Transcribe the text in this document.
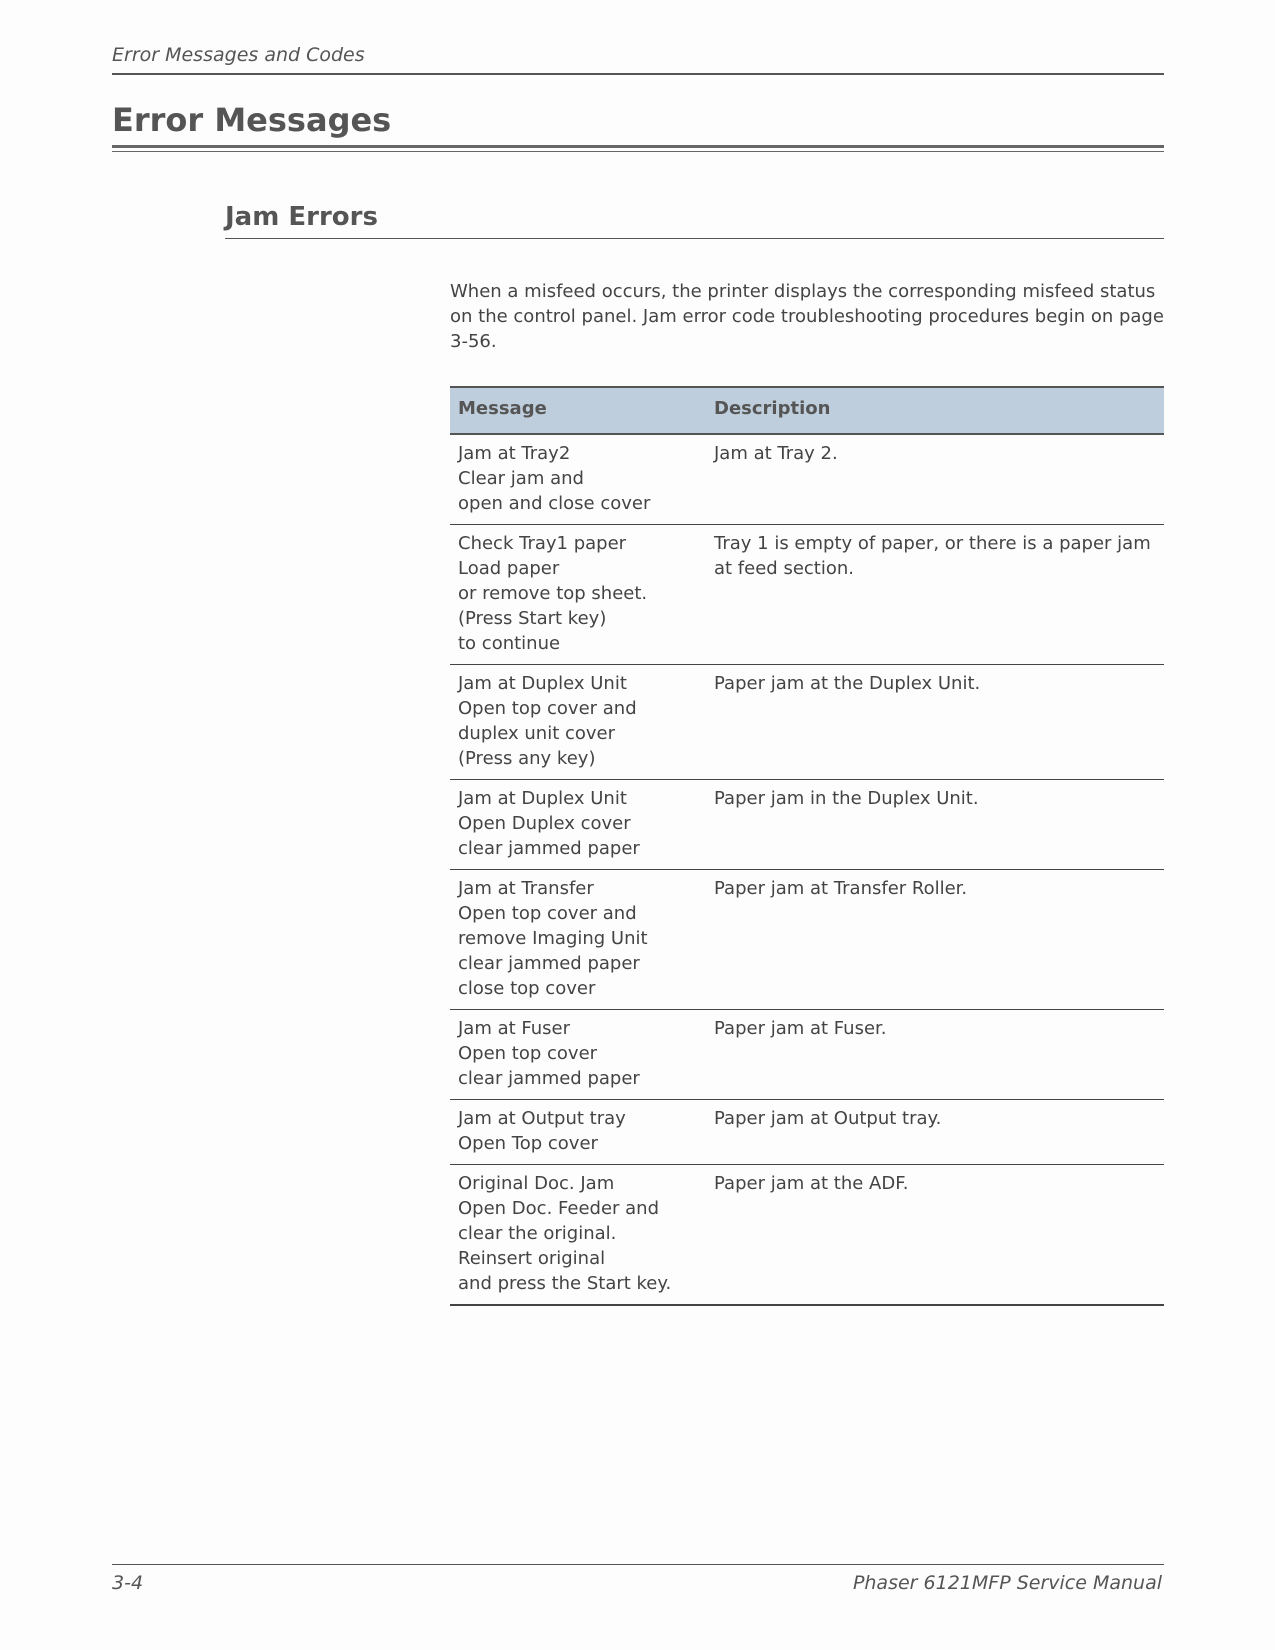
Error Messages and Codes
Error Messages
Jam Errors

When a misfeed occurs, the printer displays the corresponding misfeed status on the control panel. Jam error code troubleshooting procedures begin on page 3-56.

Message	Description
Jam at Tray2
Clear jam and
open and close cover	Jam at Tray 2.
Check Tray1 paper
Load paper
or remove top sheet.
(Press Start key)
to continue	Tray 1 is empty of paper, or there is a paper jam at feed section.
Jam at Duplex Unit
Open top cover and
duplex unit cover
(Press any key)	Paper jam at the Duplex Unit.
Jam at Duplex Unit
Open Duplex cover
clear jammed paper	Paper jam in the Duplex Unit.
Jam at Transfer
Open top cover and
remove Imaging Unit
clear jammed paper
close top cover	Paper jam at Transfer Roller.
Jam at Fuser
Open top cover
clear jammed paper	Paper jam at Fuser.
Jam at Output tray
Open Top cover	Paper jam at Output tray.
Original Doc. Jam
Open Doc. Feeder and
clear the original.
Reinsert original
and press the Start key.	Paper jam at the ADF.
3-4	Phaser 6121MFP Service Manual
